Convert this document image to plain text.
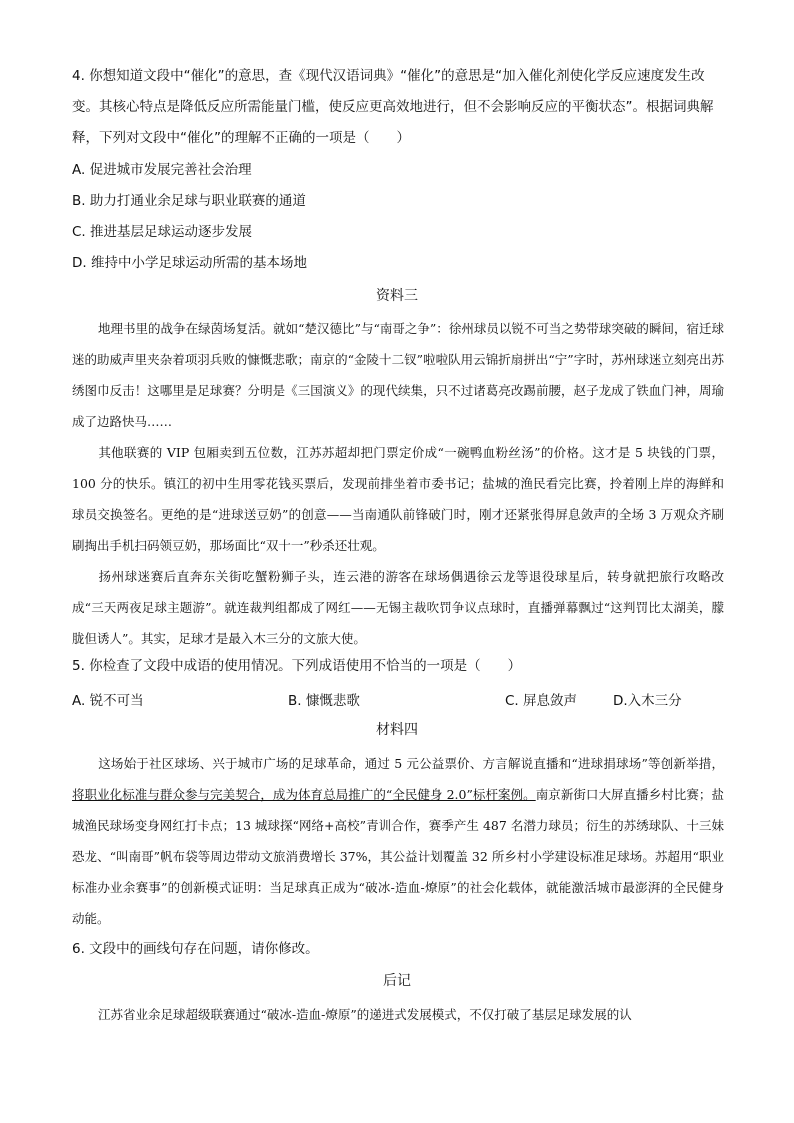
4. 你想知道文段中“催化”的意思，查《现代汉语词典》“催化”的意思是“加入催化剂使化学反应速度发生改变。其核心特点是降低反应所需能量门槛，使反应更高效地进行，但不会影响反应的平衡状态”。根据词典解释，下列对文段中“催化”的理解不正确的一项是（　　）
A. 促进城市发展完善社会治理
B. 助力打通业余足球与职业联赛的通道
C. 推进基层足球运动逐步发展
D. 维持中小学足球运动所需的基本场地
资料三
地理书里的战争在绿茵场复活。就如“楚汉德比”与“南哥之争”：徐州球员以锐不可当之势带球突破的瞬间，宿迁球迷的助威声里夹杂着项羽兵败的慷慨悲歌；南京的“金陵十二钗”啦啦队用云锦折扇拼出“宁”字时，苏州球迷立刻亮出苏绣图巾反击！这哪里是足球赛？分明是《三国演义》的现代续集，只不过诸葛亮改踢前腰，赵子龙成了铁血门神，周瑜成了边路快马……
其他联赛的 VIP 包厢卖到五位数，江苏苏超却把门票定价成“一碗鸭血粉丝汤”的价格。这才是 5 块钱的门票，100 分的快乐。镇江的初中生用零花钱买票后，发现前排坐着市委书记；盐城的渔民看完比赛，拎着刚上岸的海鲜和球员交换签名。更绝的是“进球送豆奶”的创意——当南通队前锋破门时，刚才还紧张得屏息敛声的全场 3 万观众齐刷刷掏出手机扫码领豆奶，那场面比“双十一”秒杀还壮观。
扬州球迷赛后直奔东关街吃蟹粉狮子头，连云港的游客在球场偶遇徐云龙等退役球星后，转身就把旅行攻略改成“三天两夜足球主题游”。就连裁判组都成了网红——无锡主裁吹罚争议点球时，直播弹幕飘过“这判罚比太湖美，朦胧但诱人”。其实，足球才是最入木三分的文旅大使。
5. 你检查了文段中成语的使用情况。下列成语使用不恰当的一项是（　　）
A. 锐不可当	B. 慷慨悲歌	C. 屏息敛声	D.入木三分
材料四
这场始于社区球场、兴于城市广场的足球革命，通过 5 元公益票价、方言解说直播和“进球捐球场”等创新举措，将职业化标准与群众参与完美契合，成为体育总局推广的“全民健身 2.0”标杆案例。南京新街口大屏直播乡村比赛；盐城渔民球场变身网红打卡点；13 城球探“网络+高校”青训合作，赛季产生 487 名潜力球员；衍生的苏绣球队、十三妹恐龙、“叫南哥”帆布袋等周边带动文旅消费增长 37%，其公益计划覆盖 32 所乡村小学建设标准足球场。苏超用“职业标准办业余赛事”的创新模式证明：当足球真正成为“破冰-造血-燎原”的社会化载体，就能激活城市最澎湃的全民健身动能。
6. 文段中的画线句存在问题，请你修改。
后记
江苏省业余足球超级联赛通过“破冰-造血-燎原”的递进式发展模式，不仅打破了基层足球发展的认
